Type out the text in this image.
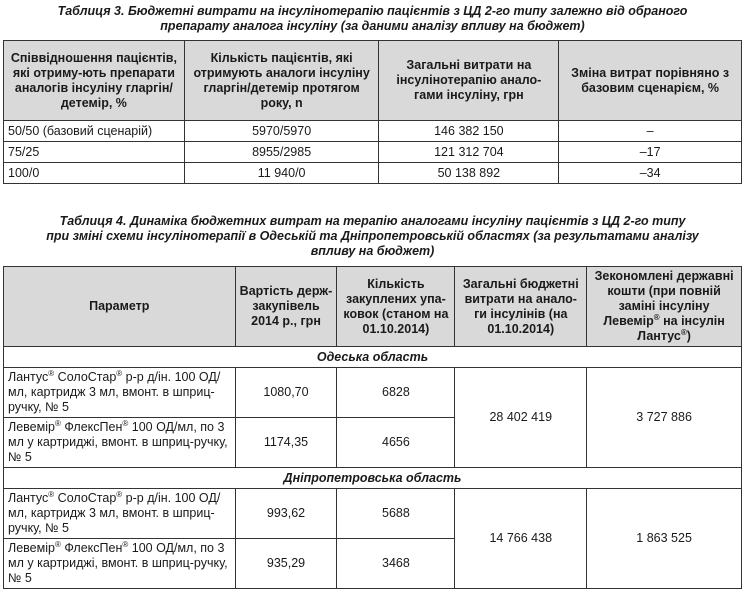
Таблиця 3. Бюджетні витрати на інсулінотерапію пацієнтів з ЦД 2-го типу залежно від обраного

препарату аналога інсуліну (за даними аналізу впливу на бюджет)

Співвідношення пацієнтів, які отриму-ють препарати аналогів інсуліну гларгін/детемір, %	Кількість пацієнтів, які отримують аналоги інсуліну гларгін/детемір протягом року, n	Загальні витрати на інсулінотерапію анало-гами інсуліну, грн	Зміна витрат порівняно з базовим сценарієм, %
50/50 (базовий сценарій)	5970/5970	146 382 150	–
75/25	8955/2985	121 312 704	–17
100/0	11 940/0	50 138 892	–34

Таблиця 4. Динаміка бюджетних витрат на терапію аналогами інсуліну пацієнтів з ЦД 2-го типу

при зміні схеми інсулінотерапії в Одеській та Дніпропетровській областях (за результатами аналізу

впливу на бюджет)

Параметр	Вартість держ-закупівель 2014 р., грн	Кількість закуплених упа-ковок (станом на 01.10.2014)	Загальні бюджетні витрати на анало-ги інсулінів (на 01.10.2014)	Зекономлені державні кошти (при повній заміні інсуліну Левемір® на інсулін Лантус®)
Одеська область				
Лантус® СолоСтар® р-р д/ін. 100 ОД/мл, картридж 3 мл, вмонт. в шприц-ручку, № 5	1080,70	6828	28 402 419	3 727 886
Левемір® ФлексПен® 100 ОД/мл, по 3 мл у картриджі, вмонт. в шприц-ручку, № 5	1174,35	4656		
Дніпропетровська область				
Лантус® СолоСтар® р-р д/ін. 100 ОД/мл, картридж 3 мл, вмонт. в шприц-ручку, № 5	993,62	5688	14 766 438	1 863 525
Левемір® ФлексПен® 100 ОД/мл, по 3 мл у картриджі, вмонт. в шприц-ручку, № 5	935,29	3468		
